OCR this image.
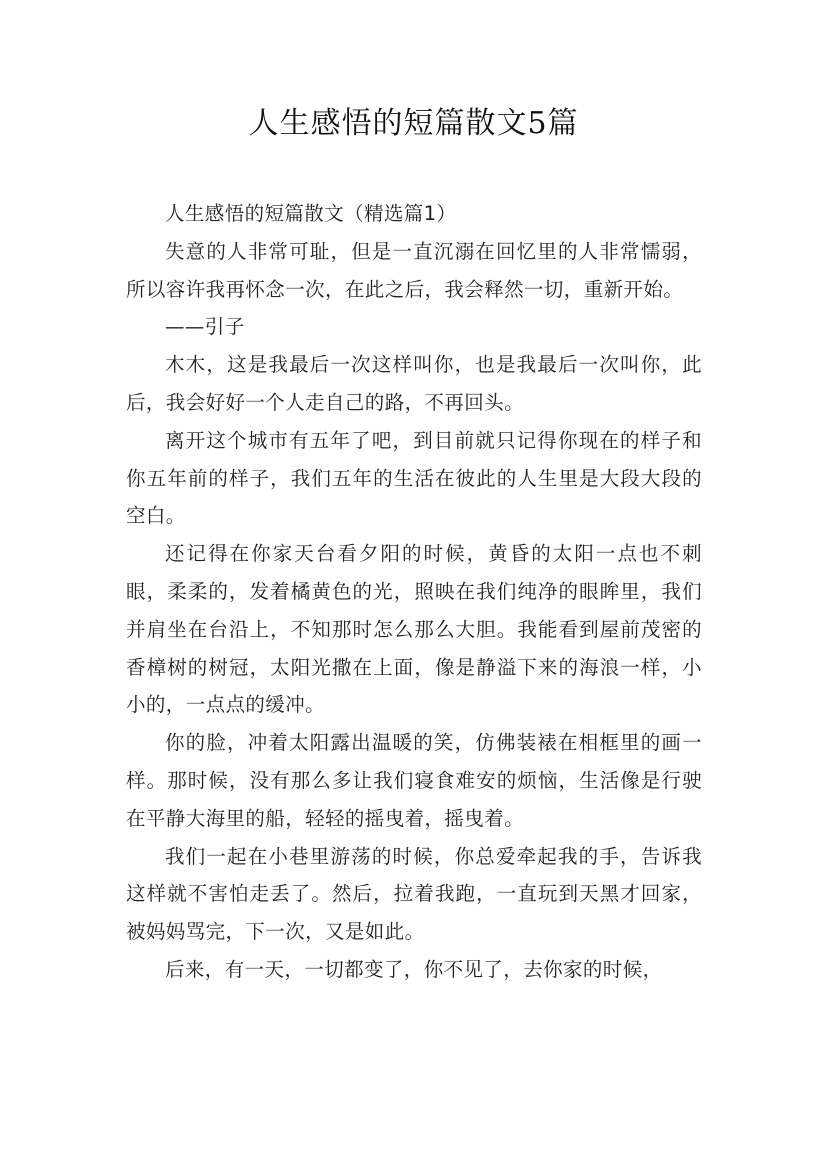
人生感悟的短篇散文5篇

人生感悟的短篇散文（精选篇1）

失意的人非常可耻，但是一直沉溺在回忆里的人非常懦弱，所以容许我再怀念一次，在此之后，我会释然一切，重新开始。

——引子

木木，这是我最后一次这样叫你，也是我最后一次叫你，此后，我会好好一个人走自己的路，不再回头。

离开这个城市有五年了吧，到目前就只记得你现在的样子和你五年前的样子，我们五年的生活在彼此的人生里是大段大段的空白。

还记得在你家天台看夕阳的时候，黄昏的太阳一点也不刺眼，柔柔的，发着橘黄色的光，照映在我们纯净的眼眸里，我们并肩坐在台沿上，不知那时怎么那么大胆。我能看到屋前茂密的香樟树的树冠，太阳光撒在上面，像是静溢下来的海浪一样，小小的，一点点的缓冲。

你的脸，冲着太阳露出温暖的笑，仿佛装裱在相框里的画一样。那时候，没有那么多让我们寝食难安的烦恼，生活像是行驶在平静大海里的船，轻轻的摇曳着，摇曳着。

我们一起在小巷里游荡的时候，你总爱牵起我的手，告诉我这样就不害怕走丢了。然后，拉着我跑，一直玩到天黑才回家，被妈妈骂完，下一次，又是如此。

后来，有一天，一切都变了，你不见了，去你家的时候，
